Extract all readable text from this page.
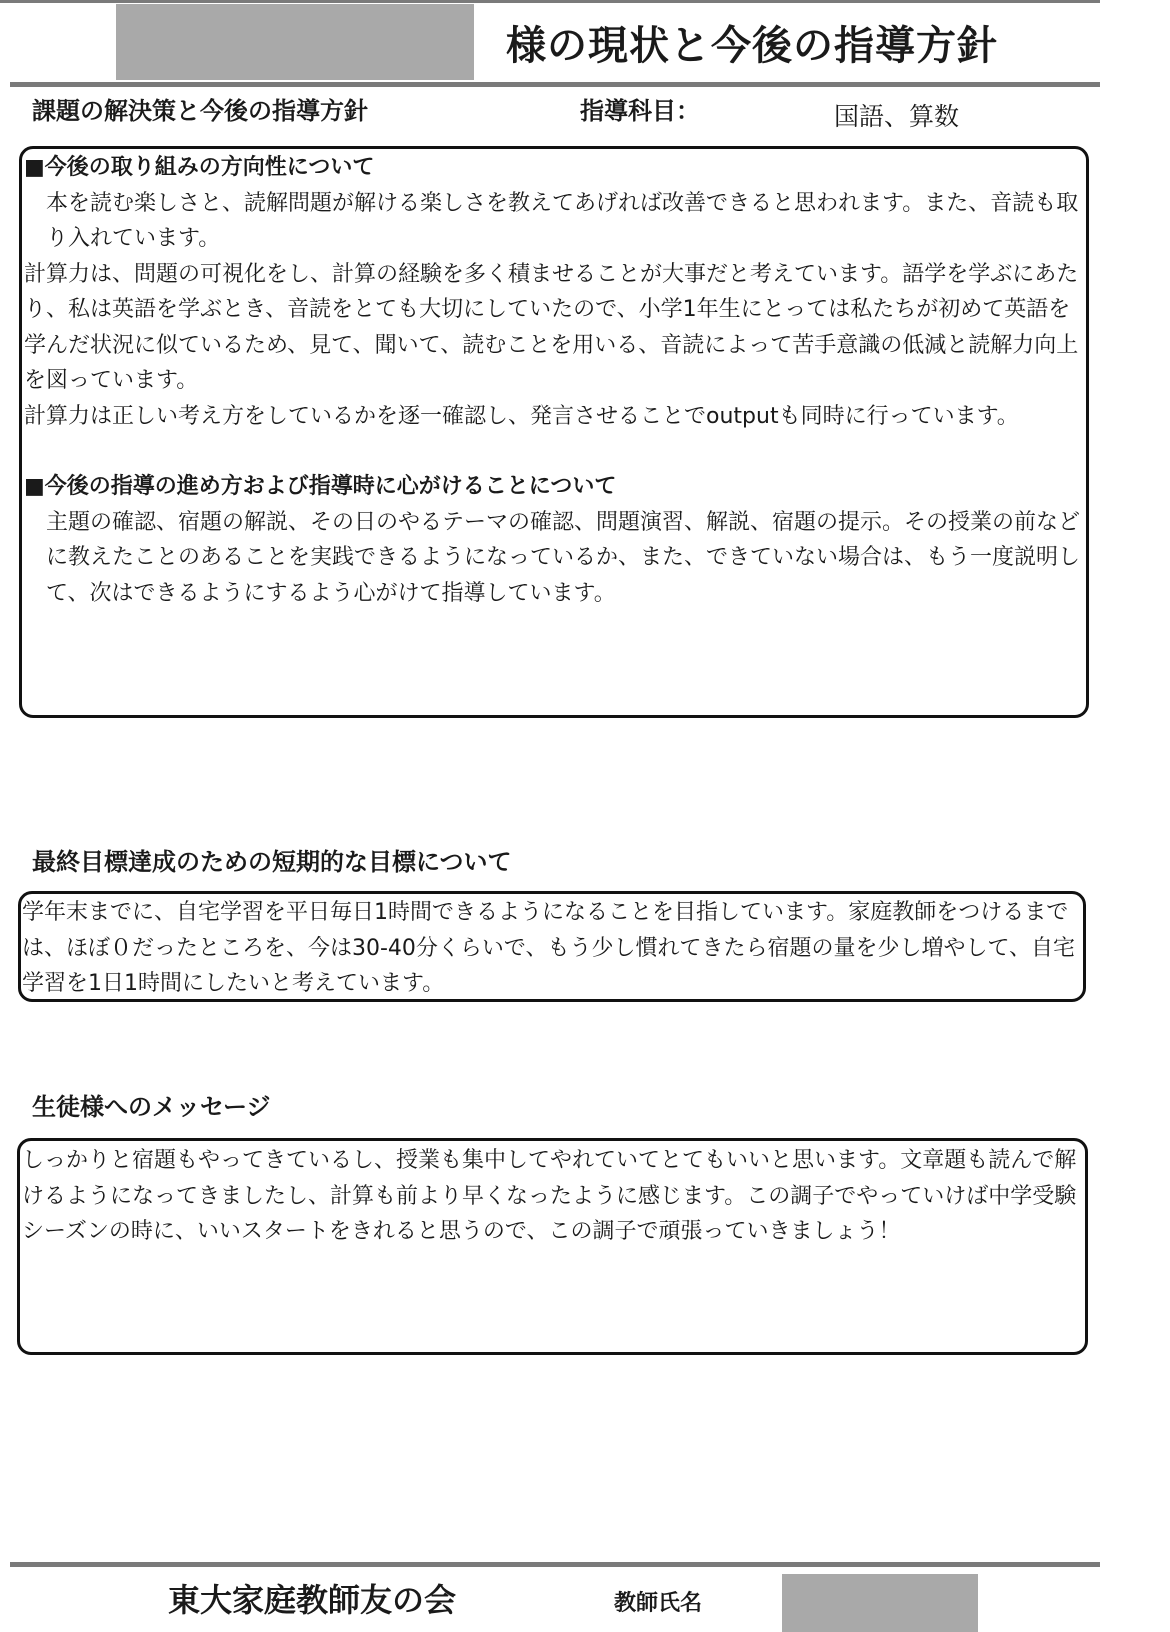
様の現状と今後の指導方針
課題の解決策と今後の指導方針	指導科目：	国語、算数

■今後の取り組みの方向性について

本を読む楽しさと、読解問題が解ける楽しさを教えてあげれば改善できると思われます。また、音読も取り入れています。

計算力は、問題の可視化をし、計算の経験を多く積ませることが大事だと考えています。語学を学ぶにあたり、私は英語を学ぶとき、音読をとても大切にしていたので、小学1年生にとっては私たちが初めて英語を学んだ状況に似ているため、見て、聞いて、読むことを用いる、音読によって苦手意識の低減と読解力向上を図っています。

計算力は正しい考え方をしているかを逐一確認し、発言させることでoutputも同時に行っています。

■今後の指導の進め方および指導時に心がけることについて

主題の確認、宿題の解説、その日のやるテーマの確認、問題演習、解説、宿題の提示。その授業の前などに教えたことのあることを実践できるようになっているか、また、できていない場合は、もう一度説明して、次はできるようにするよう心がけて指導しています。

最終目標達成のための短期的な目標について
学年末までに、自宅学習を平日毎日1時間できるようになることを目指しています。家庭教師をつけるまでは、ほぼ０だったところを、今は30-40分くらいで、もう少し慣れてきたら宿題の量を少し増やして、自宅学習を1日1時間にしたいと考えています。
生徒様へのメッセージ
しっかりと宿題もやってきているし、授業も集中してやれていてとてもいいと思います。文章題も読んで解けるようになってきましたし、計算も前より早くなったように感じます。この調子でやっていけば中学受験シーズンの時に、いいスタートをきれると思うので、この調子で頑張っていきましょう！
東大家庭教師友の会	教師氏名
